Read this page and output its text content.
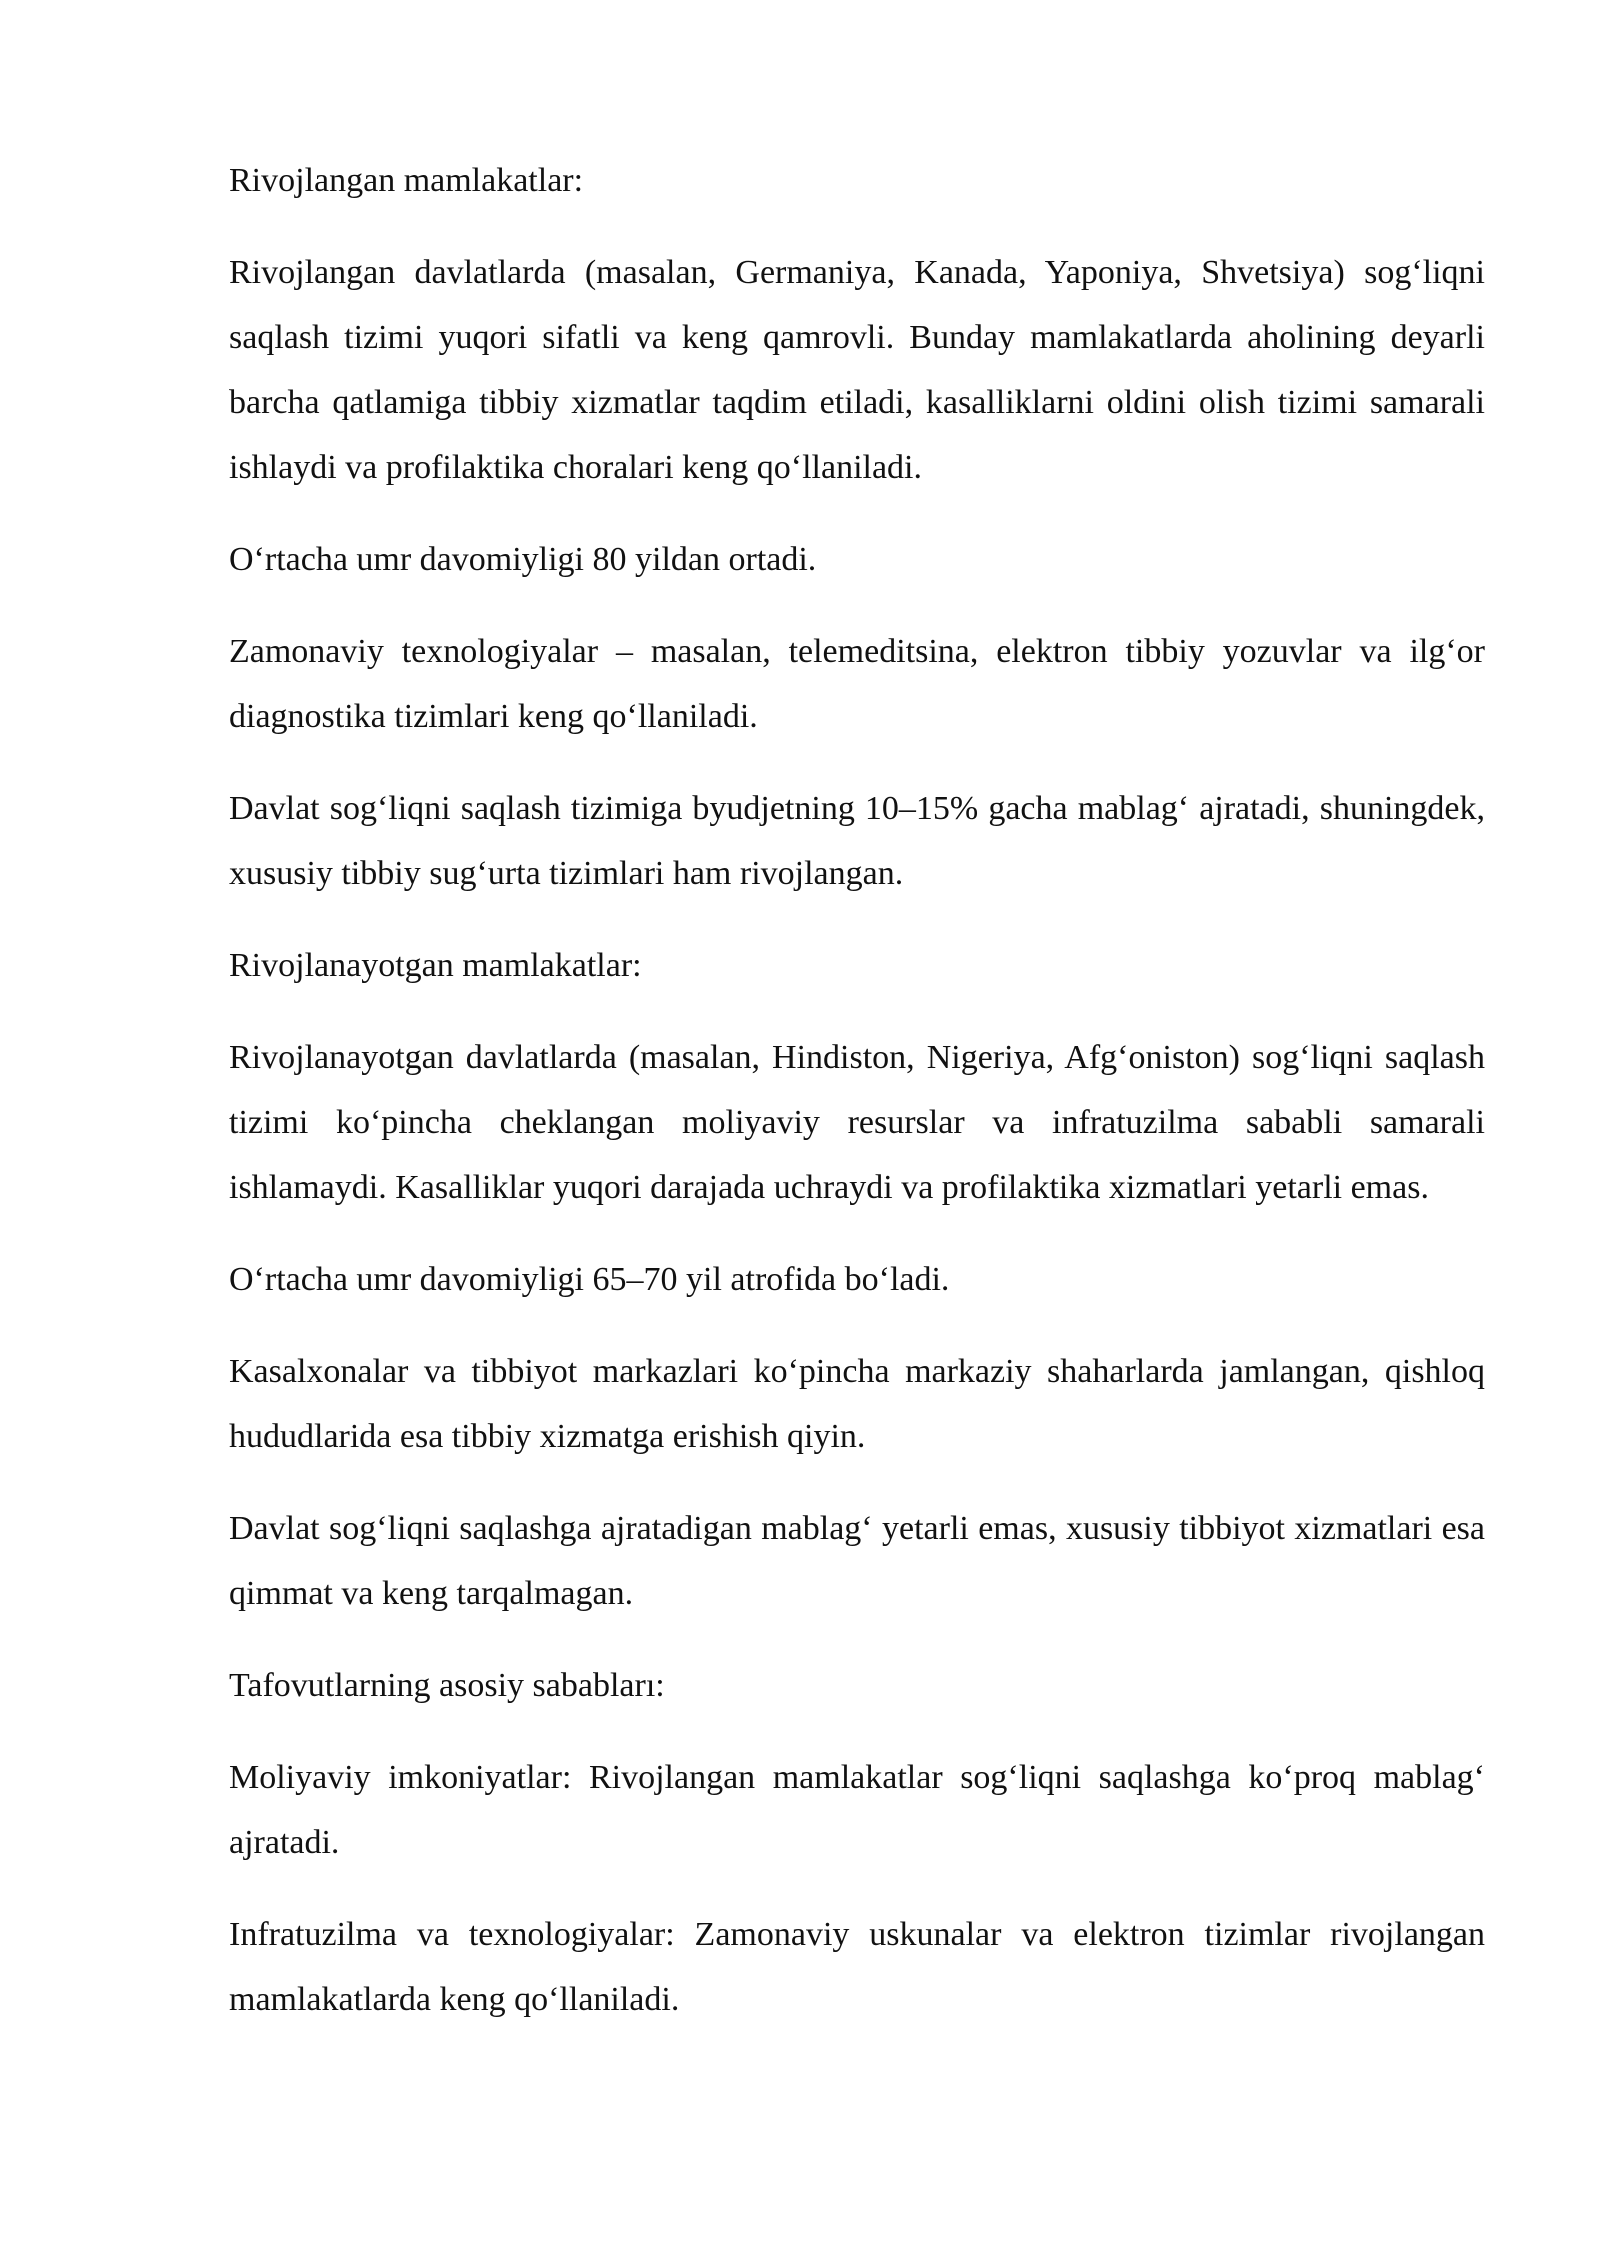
Rivojlangan mamlakatlar:

Rivojlangan davlatlarda (masalan, Germaniya, Kanada, Yaponiya, Shvetsiya) sog‘liqni saqlash tizimi yuqori sifatli va keng qamrovli. Bunday mamlakatlarda aholining deyarli barcha qatlamiga tibbiy xizmatlar taqdim etiladi, kasalliklarni oldini olish tizimi samarali ishlaydi va profilaktika choralari keng qo‘llaniladi.

O‘rtacha umr davomiyligi 80 yildan ortadi.

Zamonaviy texnologiyalar – masalan, telemeditsina, elektron tibbiy yozuvlar va ilg‘or diagnostika tizimlari keng qo‘llaniladi.

Davlat sog‘liqni saqlash tizimiga byudjetning 10–15% gacha mablag‘ ajratadi, shuningdek, xususiy tibbiy sug‘urta tizimlari ham rivojlangan.

Rivojlanayotgan mamlakatlar:

Rivojlanayotgan davlatlarda (masalan, Hindiston, Nigeriya, Afg‘oniston) sog‘liqni saqlash tizimi ko‘pincha cheklangan moliyaviy resurslar va infratuzilma sababli samarali ishlamaydi. Kasalliklar yuqori darajada uchraydi va profilaktika xizmatlari yetarli emas.

O‘rtacha umr davomiyligi 65–70 yil atrofida bo‘ladi.

Kasalxonalar va tibbiyot markazlari ko‘pincha markaziy shaharlarda jamlangan, qishloq hududlarida esa tibbiy xizmatga erishish qiyin.

Davlat sog‘liqni saqlashga ajratadigan mablag‘ yetarli emas, xususiy tibbiyot xizmatlari esa qimmat va keng tarqalmagan.

Tafovutlarning asosiy sababları:

Moliyaviy imkoniyatlar: Rivojlangan mamlakatlar sog‘liqni saqlashga ko‘proq mablag‘ ajratadi.

Infratuzilma va texnologiyalar: Zamonaviy uskunalar va elektron tizimlar rivojlangan mamlakatlarda keng qo‘llaniladi.
